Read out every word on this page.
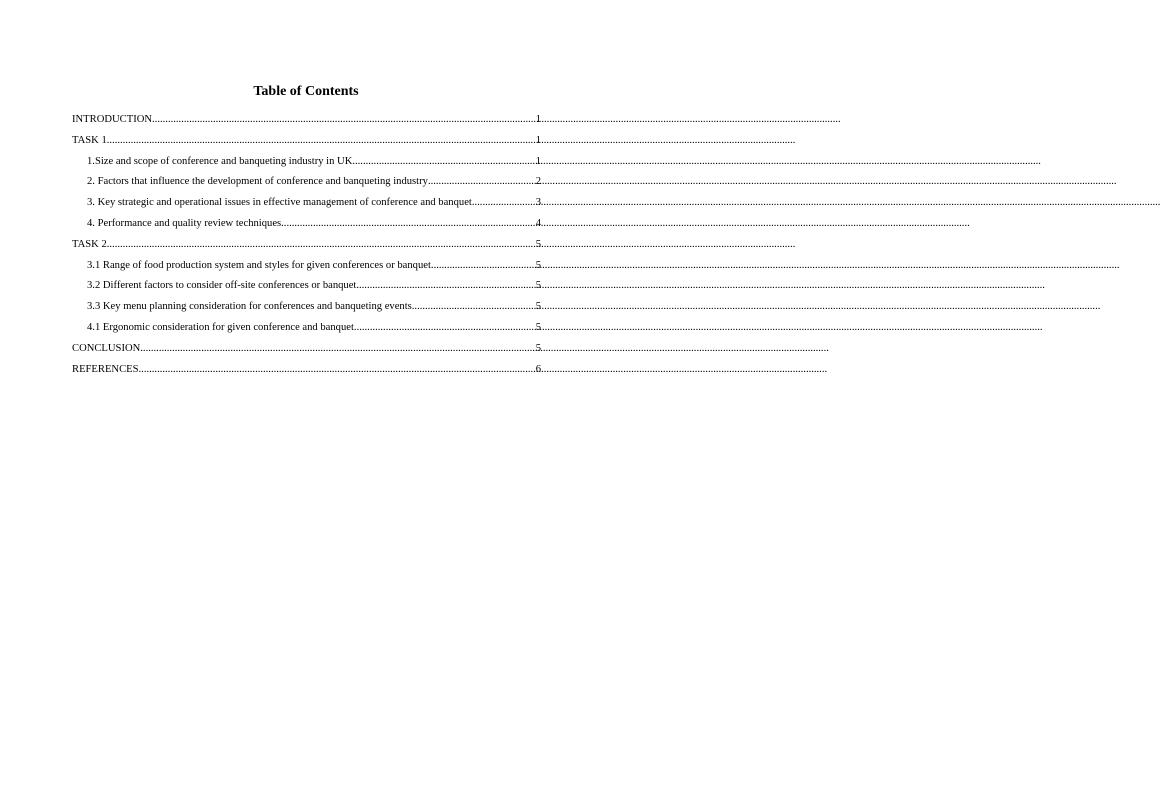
Table of Contents
INTRODUCTION .....	1
TASK 1 .....	1
1.Size and scope of conference and banqueting industry in UK .....	1
2. Factors that influence the development of conference and banqueting industry .....	2
3. Key strategic and operational issues in effective management of conference and banquet .....	3
4. Performance and quality review techniques .....	4
TASK 2 .....	5
3.1 Range of food production system and styles for given conferences or banquet .....	5
3.2 Different factors to consider off-site conferences or banquet .....	5
3.3 Key menu planning consideration for conferences and banqueting events .....	5
4.1 Ergonomic consideration for given conference and banquet .....	5
CONCLUSION .....	5
REFERENCES .....	6
